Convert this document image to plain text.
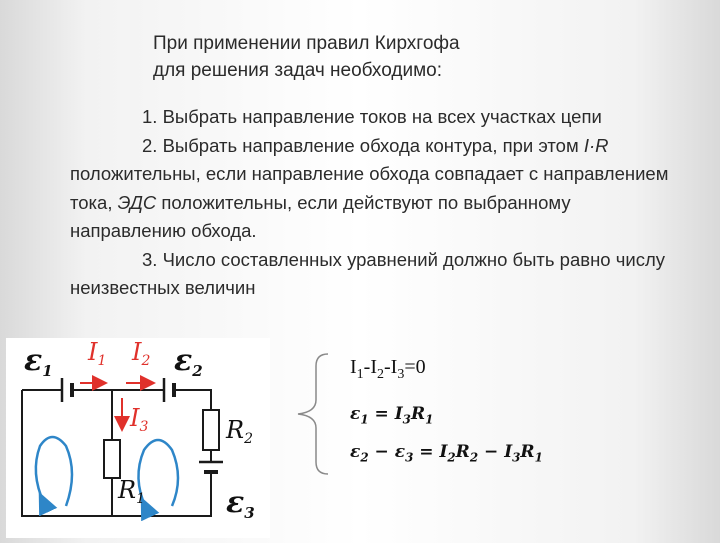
При применении правил Кирхгофа
для решения задач необходимо:
1. Выбрать направление токов на всех участках цепи
2. Выбрать направление обхода контура, при этом I·R положительны, если направление обхода совпадает с направлением тока, ЭДС положительны, если действуют по выбранному направлению обхода.
3. Число составленных уравнений должно быть равно числу неизвестных величин
$I_1-I_2-I_3=0$
$\varepsilon_1 = I_3R_1$
$\varepsilon_2 - \varepsilon_3 = I_2R_2 - I_3R_1$
$\varepsilon_1$	$\varepsilon_2$
$\varepsilon_3$
$I_1$ $I_2$
$I_3$	$R_2$
$R_1$
